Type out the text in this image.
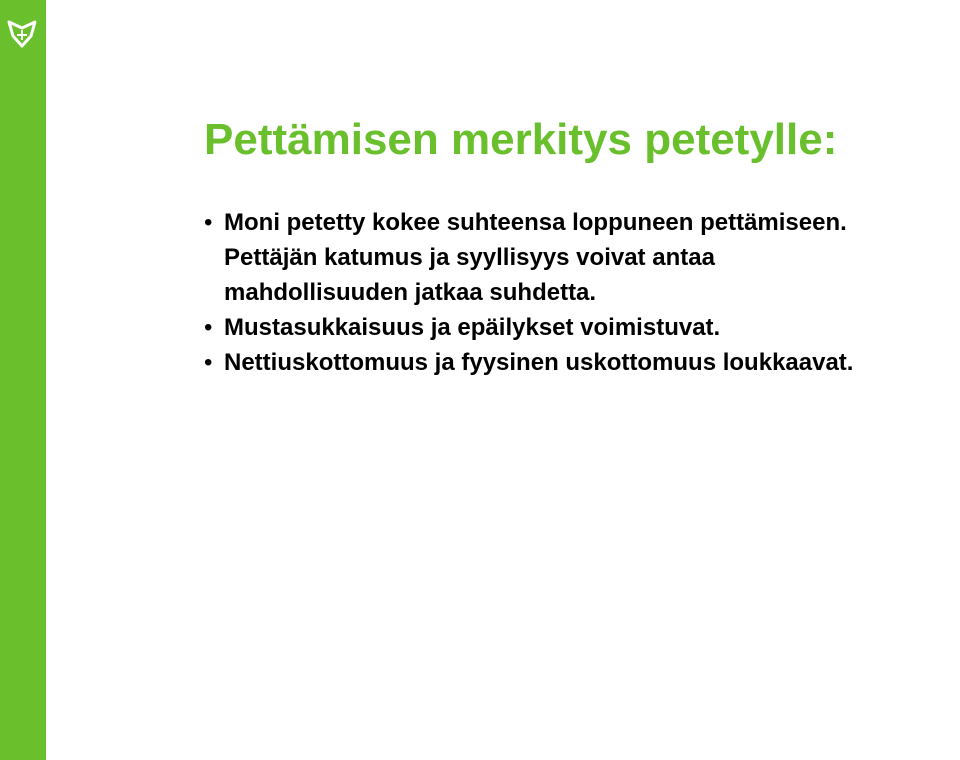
Pettämisen merkitys petetylle:
• Moni petetty kokee suhteensa loppuneen pettämiseen.
Pettäjän katumus ja syyllisyys voivat antaa
mahdollisuuden jatkaa suhdetta.
• Mustasukkaisuus ja epäilykset voimistuvat.
• Nettiuskottomuus ja fyysinen uskottomuus loukkaavat.
